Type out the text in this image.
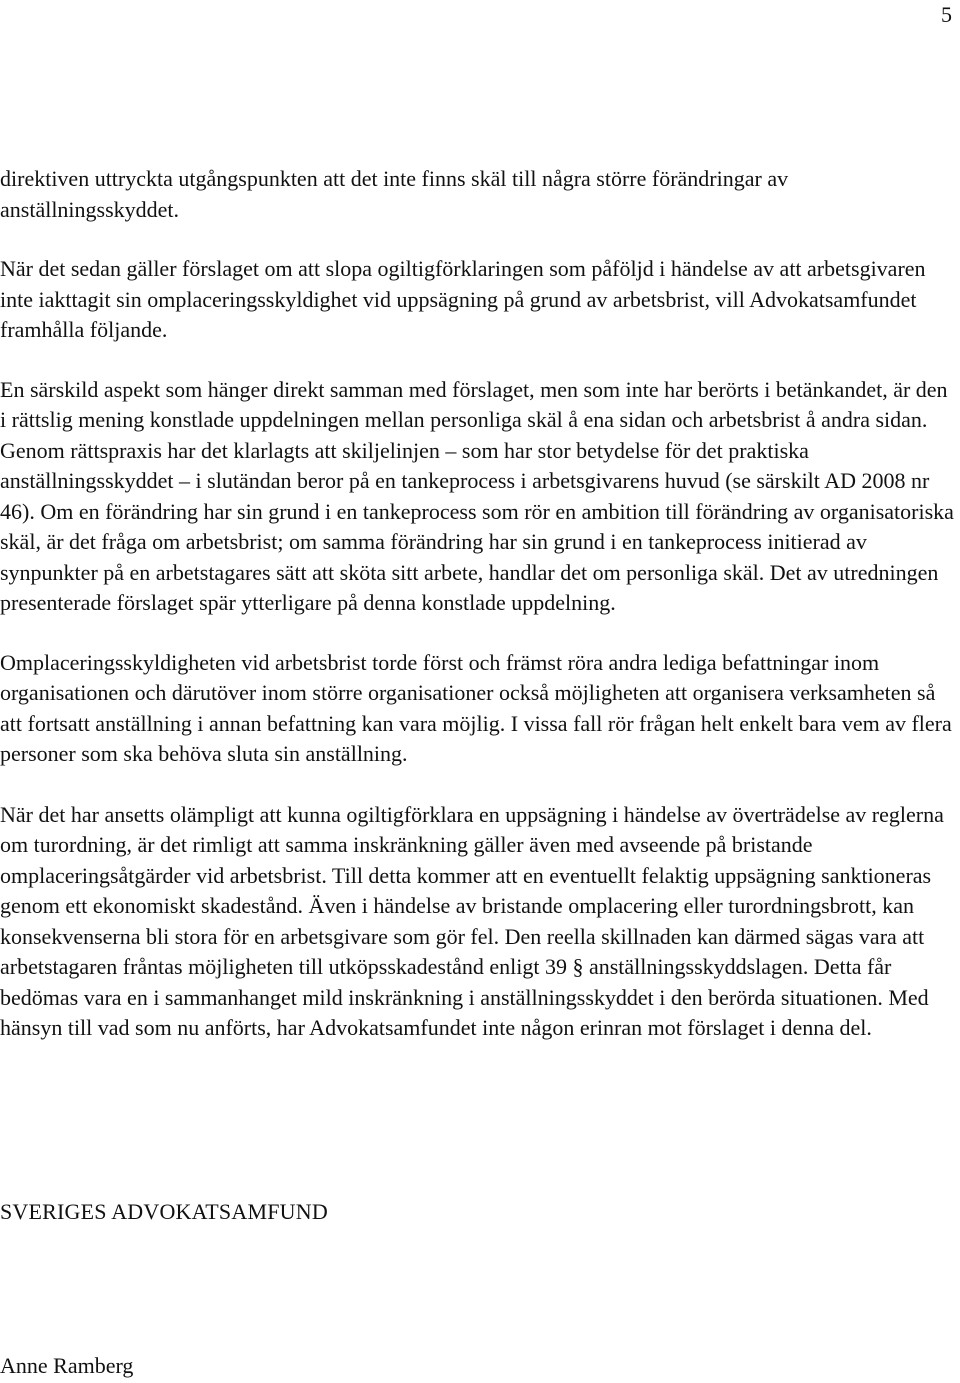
5

direktiven uttryckta utgångspunkten att det inte finns skäl till några större förändringar av anställningsskyddet.

När det sedan gäller förslaget om att slopa ogiltigförklaringen som påföljd i händelse av att arbetsgivaren inte iakttagit sin omplaceringsskyldighet vid uppsägning på grund av arbetsbrist, vill Advokatsamfundet framhålla följande.

En särskild aspekt som hänger direkt samman med förslaget, men som inte har berörts i betänkandet, är den i rättslig mening konstlade uppdelningen mellan personliga skäl å ena sidan och arbetsbrist å andra sidan. Genom rättspraxis har det klarlagts att skiljelinjen – som har stor betydelse för det praktiska anställningsskyddet – i slutändan beror på en tankeprocess i arbetsgivarens huvud (se särskilt AD 2008 nr 46). Om en förändring har sin grund i en tankeprocess som rör en ambition till förändring av organisatoriska skäl, är det fråga om arbetsbrist; om samma förändring har sin grund i en tankeprocess initierad av synpunkter på en arbetstagares sätt att sköta sitt arbete, handlar det om personliga skäl. Det av utredningen presenterade förslaget spär ytterligare på denna konstlade uppdelning.

Omplaceringsskyldigheten vid arbetsbrist torde först och främst röra andra lediga befattningar inom organisationen och därutöver inom större organisationer också möjligheten att organisera verksamheten så att fortsatt anställning i annan befattning kan vara möjlig. I vissa fall rör frågan helt enkelt bara vem av flera personer som ska behöva sluta sin anställning.

När det har ansetts olämpligt att kunna ogiltigförklara en uppsägning i händelse av överträdelse av reglerna om turordning, är det rimligt att samma inskränkning gäller även med avseende på bristande omplaceringsåtgärder vid arbetsbrist. Till detta kommer att en eventuellt felaktig uppsägning sanktioneras genom ett ekonomiskt skadestånd. Även i händelse av bristande omplacering eller turordningsbrott, kan konsekvenserna bli stora för en arbetsgivare som gör fel. Den reella skillnaden kan därmed sägas vara att arbetstagaren fråntas möjligheten till utköpsskadestånd enligt 39 § anställningsskyddslagen. Detta får bedömas vara en i sammanhanget mild inskränkning i anställningsskyddet i den berörda situationen. Med hänsyn till vad som nu anförts, har Advokatsamfundet inte någon erinran mot förslaget i denna del.

SVERIGES ADVOKATSAMFUND

Anne Ramberg
